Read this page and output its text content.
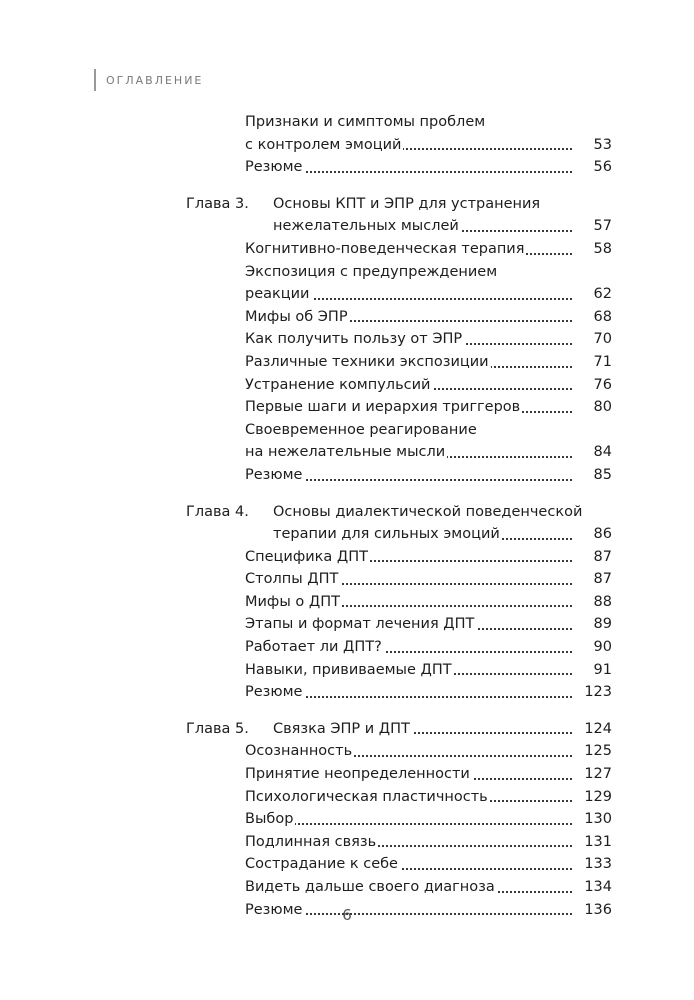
ОГЛАВЛЕНИЕ
Признаки и симптомы проблем
с контролем эмоций	53
Резюме	56
Глава 3. Основы КПТ и ЭПР для устранения
нежелательных мыслей	57
Когнитивно-поведенческая терапия	58
Экспозиция с предупреждением
реакции	62
Мифы об ЭПР	68
Как получить пользу от ЭПР	70
Различные техники экспозиции	71
Устранение компульсий	76
Первые шаги и иерархия триггеров	80
Своевременное реагирование
на нежелательные мысли	84
Резюме	85
Глава 4. Основы диалектической поведенческой
терапии для сильных эмоций	86
Специфика ДПТ	87
Столпы ДПТ	87
Мифы о ДПТ	88
Этапы и формат лечения ДПТ	89
Работает ли ДПТ?	90
Навыки, прививаемые ДПТ	91
Резюме	123
Глава 5. Связка ЭПР и ДПТ	124
Осознанность	125
Принятие неопределенности	127
Психологическая пластичность	129
Выбор	130
Подлинная связь	131
Сострадание к себе	133
Видеть дальше своего диагноза	134
Резюме	136
6
